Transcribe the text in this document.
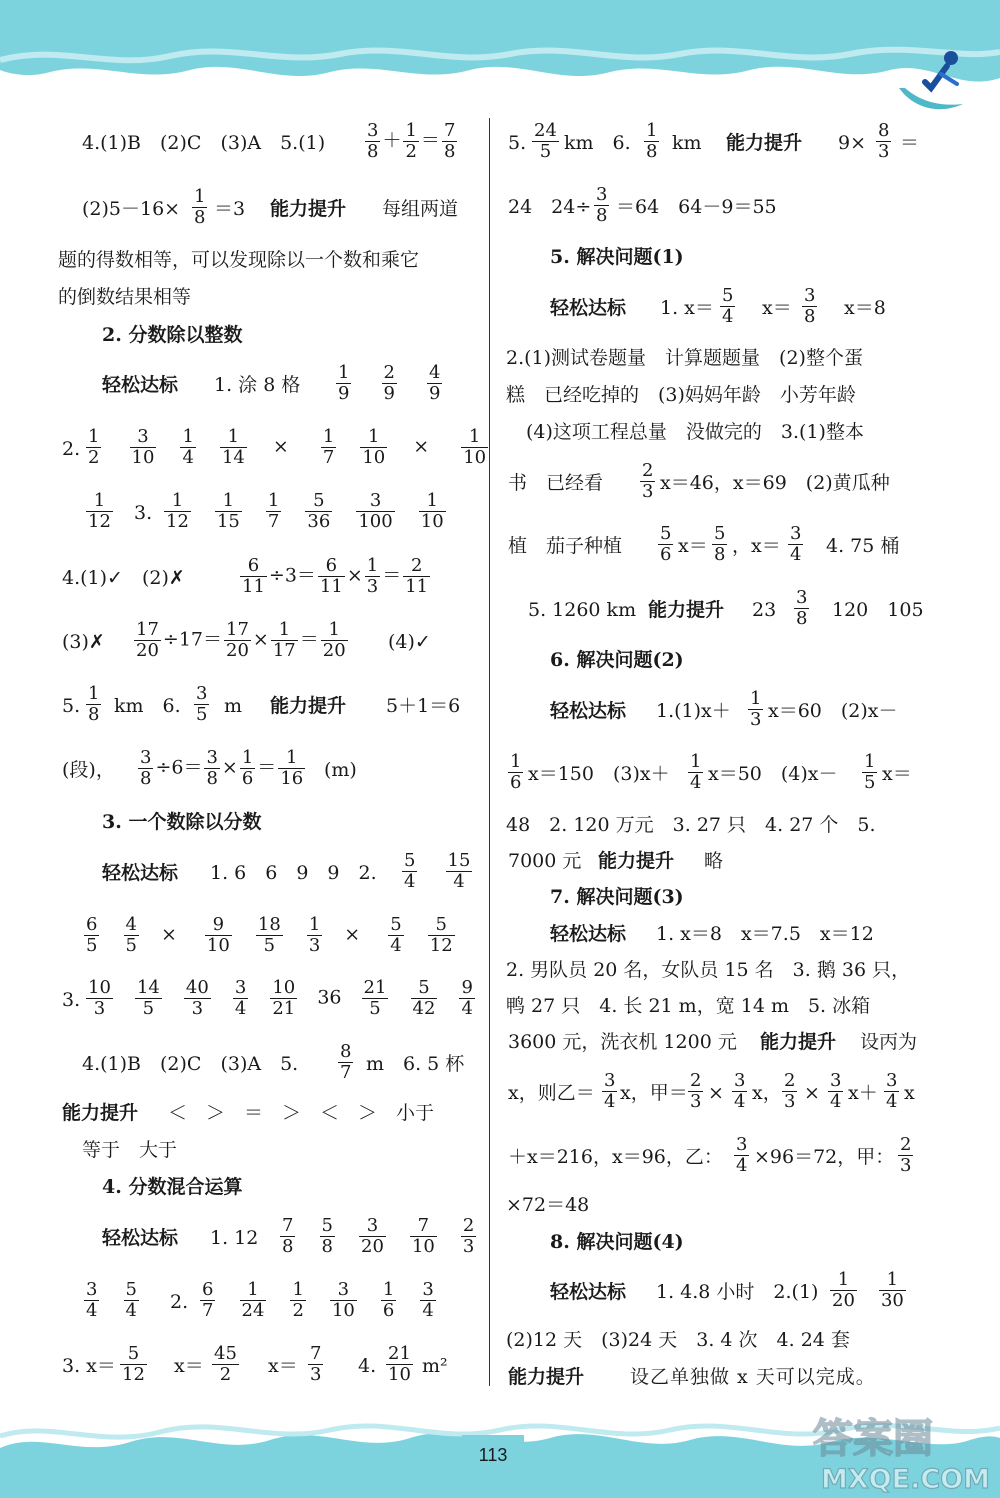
4.(1)B　(2)C　(3)A　$5.(1) \frac{3}{8} + \frac{1}{2} = \frac{7}{8}$
$(2)5-16\times \frac{1}{8} =3$ 能力提升 每组两道
题的得数相等，可以发现除以一个数和乘它
的倒数结果相等
2. 分数除以整数
轻松达标 1. 涂 8 格 $\frac{1}{9}$
$\frac{2}{9}$
$\frac{4}{9}$
2. $\frac{1}{2}$
$\frac{3}{10}$
$\frac{1}{4}$
$\frac{1}{14} \times \frac{1}{7}$
$\frac{1}{10} \times \frac{1}{10}$
$\frac{1}{12} 3$. $\frac{1}{12}$
$\frac{1}{15}$
$\frac{1}{7}$
$\frac{5}{36}$
$\frac{3}{100}$
$\frac{1}{10}$
4.(1)✓　(2)✗	$\frac{6}{11} \div 3= \frac{6}{11} \times \frac{1}{3} = \frac{2}{11}$
(3)✗ $\frac{17}{20} \div 17= \frac{17}{20} \times \frac{1}{17} = \frac{1}{20}$ (4)✓
5. $\frac{1}{8}$ km　6. $\frac{3}{5}$ m 能力提升 5＋1＝6
(段)， $\frac{3}{8} \div 6= \frac{3}{8} \times \frac{1}{6} = \frac{1}{16} (m)$
3. 一个数除以分数
轻松达标 1. 6　6　9　9　2. $\frac{5}{4}$
$\frac{15}{4}$
$\frac{6}{5}$
$\frac{4}{5} \times \frac{9}{10}$
$\frac{18}{5}$
$\frac{1}{3} \times \frac{5}{4}$
$\frac{5}{12}$
3. $\frac{10}{3}$
$\frac{14}{5}$
$\frac{40}{3}$
$\frac{3}{4}$
$\frac{10}{21} 36 \frac{21}{5}$
$\frac{5}{42}$
$\frac{9}{4}$
4.(1)B　(2)C　(3)A　5. $\frac{8}{7}$ m　6. 5 杯
能力提升 ＜　＞　＝　＞　＜　＞　小于
等于　大于
4. 分数混合运算
轻松达标 1. $12 \frac{7}{8}$
$\frac{5}{8}$
$\frac{3}{20}$
$\frac{7}{10}$
$\frac{2}{3}$
$\frac{3}{4}$
$\frac{5}{4} 2$. $\frac{6}{7}$
$\frac{1}{24}$
$\frac{1}{2}$
$\frac{3}{10}$
$\frac{1}{6}$
$\frac{3}{4}$
3. $x= \frac{5}{12} x= \frac{45}{2} x= \frac{7}{3} 4$. $\frac{21}{10} m^2$
5. $\frac{24}{5}$ km　6. $\frac{1}{8}$ km 能力提升 $9\times \frac{8}{3}$ ＝
24　$24\div \frac{3}{8} =64$　64－9＝55
5. 解决问题(1)
轻松达标 1. $x= \frac{5}{4} x= \frac{3}{8} x=8$
2.(1)测试卷题量　计算题题量　(2)整个蛋
糕　已经吃掉的　(3)妈妈年龄　小芳年龄
(4)这项工程总量　没做完的　3.(1)整本
书　已经看 $\frac{2}{3} x=46$，x＝69　(2)黄瓜种
植　茄子种植 $\frac{5}{6} x= \frac{5}{8}$ ，$x= \frac{3}{4} 4$. 75 桶
5. 1260 km 能力提升 $23 \frac{3}{8} 120$　105
6. 解决问题(2)
轻松达标 $1.(1)x+ \frac{1}{3} x=60$　(2)x－
$\frac{1}{6} x=150$　$(3)x+ \frac{1}{4} x=50$　$(4)x- \frac{1}{5} x=$
48　2. 120 万元　3. 27 只　4. 27 个　5.
7000 元 能力提升 略
7. 解决问题(3)
轻松达标 1. x＝8　x＝7.5　x＝12
2. 男队员 20 名，女队员 15 名　3. 鹅 36 只，
鸭 27 只　4. 长 21 m，宽 14 m　5. 冰箱
3600 元，洗衣机 1200 元 能力提升 设丙为
x，则乙＝ $\frac{3}{4}$ x，甲＝ $\frac{2}{3} \times \frac{3}{4}$ x， $\frac{2}{3} \times \frac{3}{4} x+ \frac{3}{4}$ x
＋x＝216，x＝96，乙： $\frac{3}{4} \times 96=72$，甲： $\frac{2}{3}$
×72＝48
8. 解决问题(4)
轻松达标 1. 4.8 小时　$2.(1) \frac{1}{20}$
$\frac{1}{30}$
(2)12 天　(3)24 天　3. 4 次　4. 24 套
能力提升 设乙单独做 x 天可以完成。
113	答案圈
MXQE.COM
